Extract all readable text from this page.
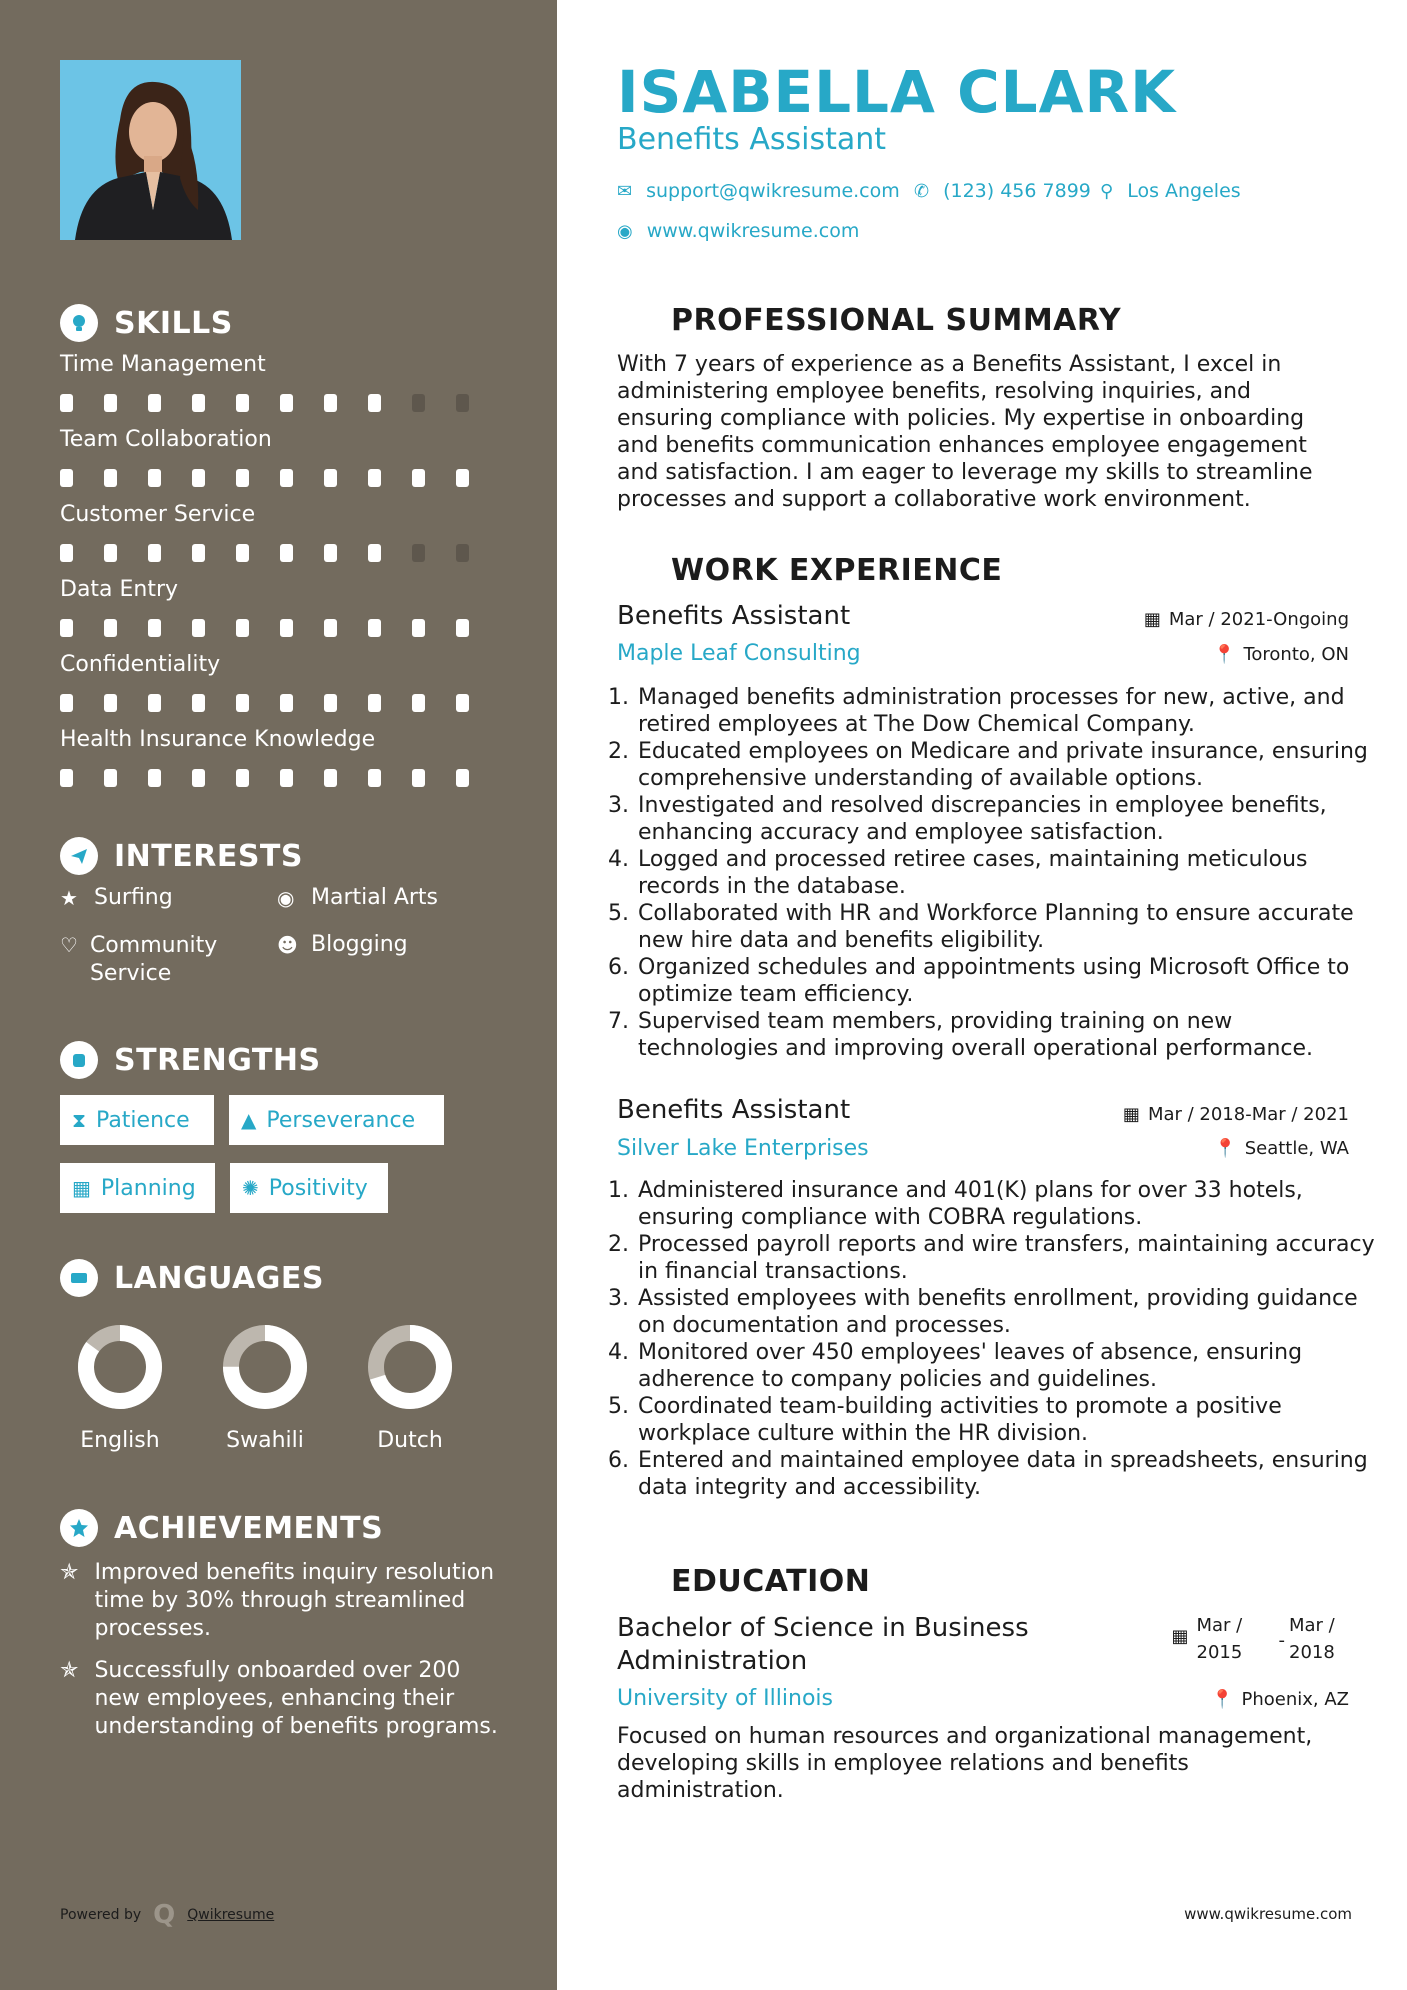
SKILLS
Time Management
Team Collaboration
Customer Service
Data Entry
Confidentiality
Health Insurance Knowledge
INTERESTS
★ Surfing	◉ Martial Arts
♡ Community Service
☻ Blogging
STRENGTHS
⧗ Patience	▲ Perseverance
▦ Planning ✺ Positivity
LANGUAGES
English	Swahili	Dutch
ACHIEVEMENTS
✯ Improved benefits inquiry resolution time by 30% through streamlined processes.
✯ Successfully onboarded over 200 new employees, enhancing their understanding of benefits programs.
Powered by Q Qwikresume
ISABELLA CLARK
Benefits Assistant
✉ support@qwikresume.com ✆ (123) 456 7899 ⚲ Los Angeles
◉ www.qwikresume.com
PROFESSIONAL SUMMARY
With 7 years of experience as a Benefits Assistant, I excel in administering employee benefits, resolving inquiries, and ensuring compliance with policies. My expertise in onboarding and benefits communication enhances employee engagement and satisfaction. I am eager to leverage my skills to streamline processes and support a collaborative work environment.
WORK EXPERIENCE
Benefits Assistant	▦ Mar / 2021-Ongoing
Maple Leaf Consulting	📍 Toronto, ON
1. Managed benefits administration processes for new, active, and retired employees at The Dow Chemical Company.
2. Educated employees on Medicare and private insurance, ensuring comprehensive understanding of available options.
3. Investigated and resolved discrepancies in employee benefits, enhancing accuracy and employee satisfaction.
4. Logged and processed retiree cases, maintaining meticulous records in the database.
5. Collaborated with HR and Workforce Planning to ensure accurate new hire data and benefits eligibility.
6. Organized schedules and appointments using Microsoft Office to optimize team efficiency.
7. Supervised team members, providing training on new technologies and improving overall operational performance.
Benefits Assistant	▦ Mar / 2018-Mar / 2021
Silver Lake Enterprises	📍 Seattle, WA
1. Administered insurance and 401(K) plans for over 33 hotels, ensuring compliance with COBRA regulations.
2. Processed payroll reports and wire transfers, maintaining accuracy in financial transactions.
3. Assisted employees with benefits enrollment, providing guidance on documentation and processes.
4. Monitored over 450 employees' leaves of absence, ensuring adherence to company policies and guidelines.
5. Coordinated team-building activities to promote a positive workplace culture within the HR division.
6. Entered and maintained employee data in spreadsheets, ensuring data integrity and accessibility.
EDUCATION
Bachelor of Science in Business Administration
▦
Mar / 2015
-
Mar / 2018
University of Illinois	📍 Phoenix, AZ
Focused on human resources and organizational management, developing skills in employee relations and benefits administration.
www.qwikresume.com
